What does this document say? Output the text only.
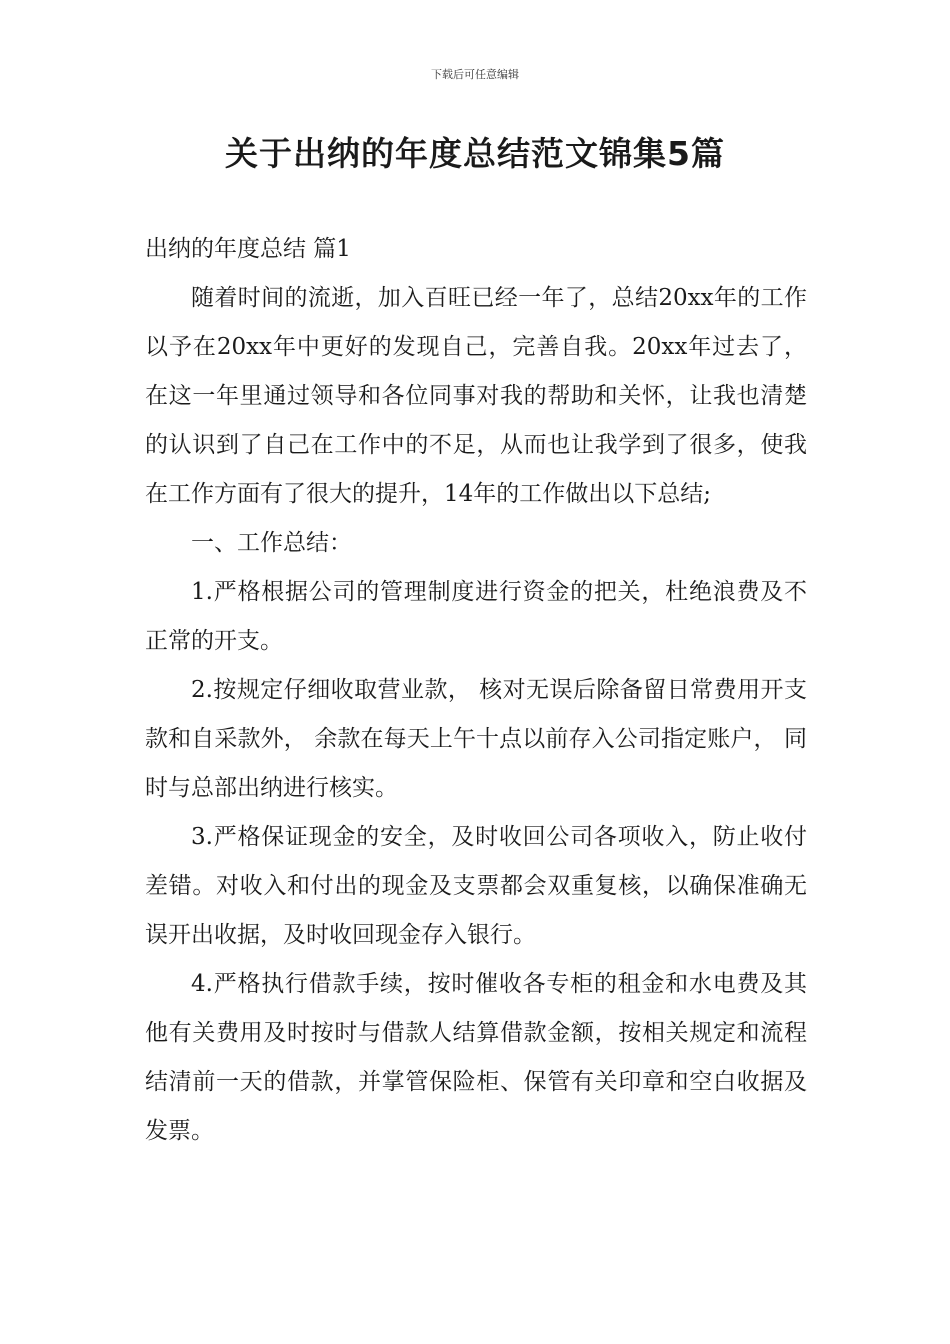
下载后可任意编辑
关于出纳的年度总结范文锦集5篇

出纳的年度总结 篇1

随着时间的流逝，加入百旺已经一年了，总结20xx年的工作以予在20xx年中更好的发现自己，完善自我。20xx年过去了，在这一年里通过领导和各位同事对我的帮助和关怀，让我也清楚的认识到了自己在工作中的不足，从而也让我学到了很多，使我在工作方面有了很大的提升，14年的工作做出以下总结;

一、工作总结：

1.严格根据公司的管理制度进行资金的把关，杜绝浪费及不正常的开支。

2.按规定仔细收取营业款， 核对无误后除备留日常费用开支款和自采款外， 余款在每天上午十点以前存入公司指定账户， 同时与总部出纳进行核实。

3.严格保证现金的安全，及时收回公司各项收入，防止收付差错。对收入和付出的现金及支票都会双重复核，以确保准确无误开出收据，及时收回现金存入银行。

4.严格执行借款手续，按时催收各专柜的租金和水电费及其他有关费用及时按时与借款人结算借款金额，按相关规定和流程结清前一天的借款，并掌管保险柜、保管有关印章和空白收据及发票。
